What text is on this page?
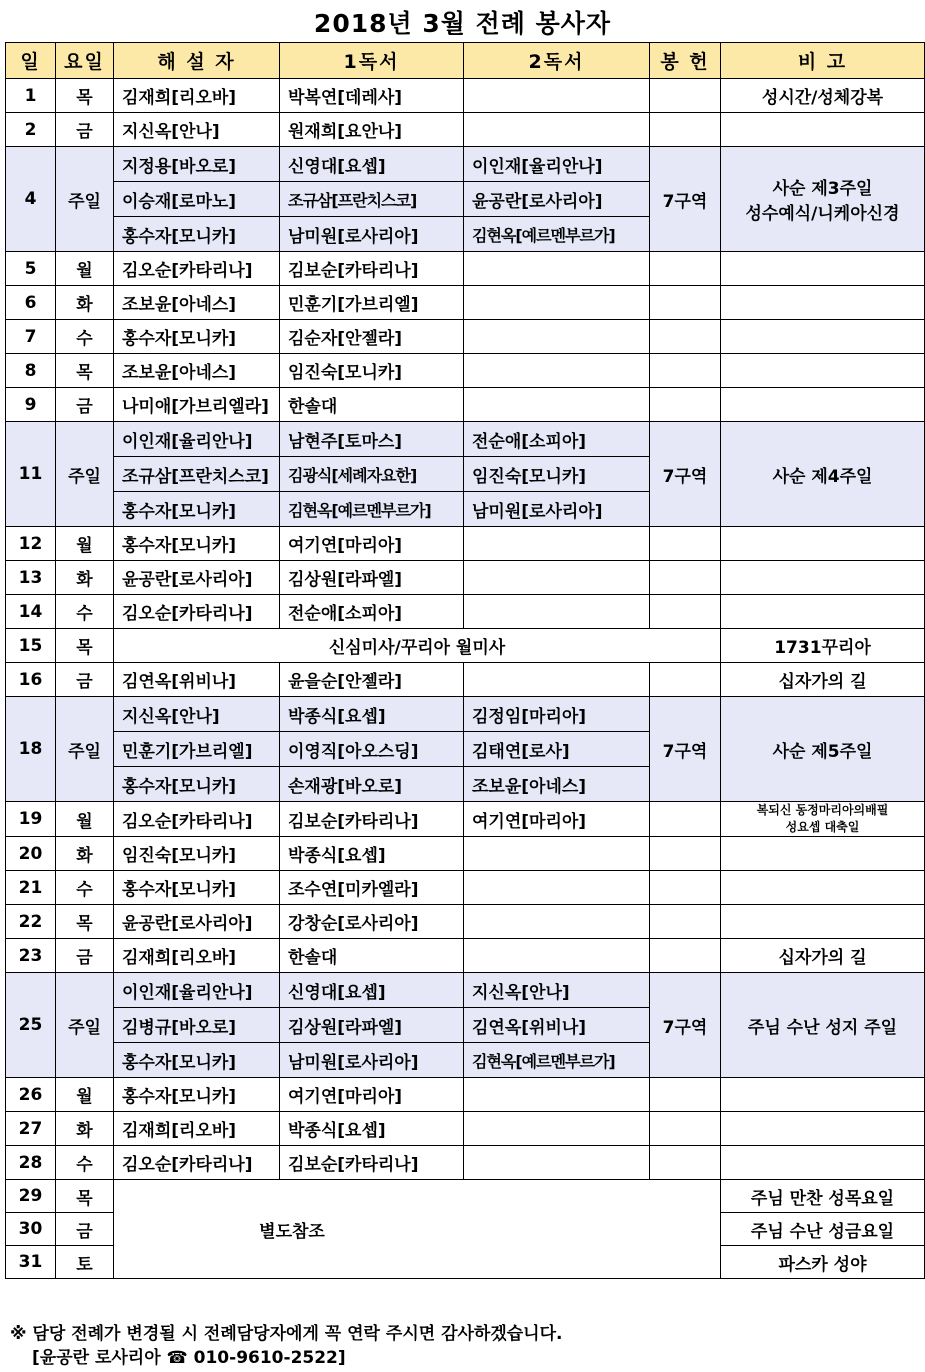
2018년 3월 전례 봉사자
일	요일	해 설 자	1독서	2독서	봉 헌	비 고
1	목	김재희[리오바]	박복연[데레사]			성시간/성체강복

2	금	지신옥[안나]	원재희[요안나]			
4	주일	지정용[바오로]	신영대[요셉]	이인재[율리안나]	7구역	사순 제3주일
성수예식/니케아신경

		이승재[로마노]	조규삼[프란치스코]	윤공란[로사리아]		
		홍수자[모니카]	남미원[로사리아]	김현옥[예르멘부르가]		
5	월	김오순[카타리나]	김보순[카타리나]			
6	화	조보윤[아네스]	민훈기[가브리엘]			
7	수	홍수자[모니카]	김순자[안젤라]			
8	목	조보윤[아네스]	임진숙[모니카]			
9	금	나미애[가브리엘라]	한솔대			
11	주일	이인재[율리안나]	남현주[토마스]	전순애[소피아]	7구역	사순 제4주일

		조규삼[프란치스코]	김광식[세례자요한]	임진숙[모니카]		
		홍수자[모니카]	김현옥[예르멘부르가]	남미원[로사리아]		
12	월	홍수자[모니카]	여기연[마리아]			
13	화	윤공란[로사리아]	김상원[라파엘]			
14	수	김오순[카타리나]	전순애[소피아]			
15	목	신심미사/꾸리아 월미사				1731꾸리아

16	금	김연옥[위비나]	윤을순[안젤라]			십자가의 길

18	주일	지신옥[안나]	박종식[요셉]	김정임[마리아]	7구역	사순 제5주일

		민훈기[가브리엘]	이영직[아오스딩]	김태연[로사]		
		홍수자[모니카]	손재광[바오로]	조보윤[아네스]		
19	월	김오순[카타리나]	김보순[카타리나]	여기연[마리아]		복되신 동정마리아의배필
성요셉 대축일

20	화	임진숙[모니카]	박종식[요셉]			
21	수	홍수자[모니카]	조수연[미카엘라]			
22	목	윤공란[로사리아]	강창순[로사리아]			
23	금	김재희[리오바]	한솔대			십자가의 길

25	주일	이인재[율리안나]	신영대[요셉]	지신옥[안나]	7구역	주님 수난 성지 주일

		김병규[바오로]	김상원[라파엘]	김연옥[위비나]		
		홍수자[모니카]	남미원[로사리아]	김현옥[예르멘부르가]		
26	월	홍수자[모니카]	여기연[마리아]			
27	화	김재희[리오바]	박종식[요셉]			
28	수	김오순[카타리나]	김보순[카타리나]			
29	목	별도참조				주님 만찬 성목요일
30	금					주님 수난 성금요일
31	토					파스카 성야
※ 담당 전례가 변경될 시 전례담당자에게 꼭 연락 주시면 감사하겠습니다.
[윤공란 로사리아 ☎ 010-9610-2522]
